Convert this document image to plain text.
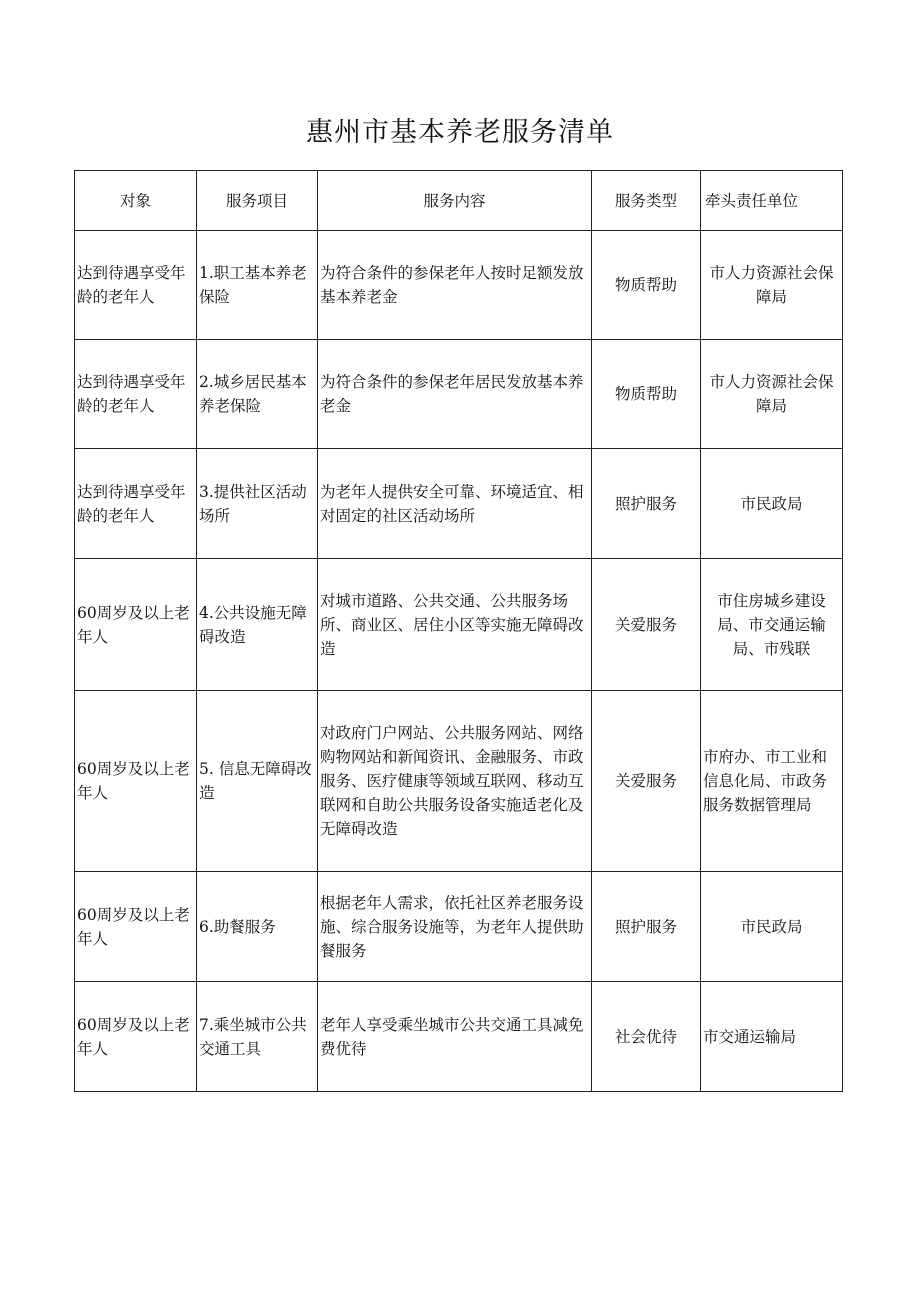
惠州市基本养老服务清单
对象	服务项目	服务内容	服务类型	牵头责任单位
达到待遇享受年龄的老年人	1.职工基本养老保险	为符合条件的参保老年人按时足额发放基本养老金	物质帮助	市人力资源社会保障局
达到待遇享受年龄的老年人	2.城乡居民基本养老保险	为符合条件的参保老年居民发放基本养老金	物质帮助	市人力资源社会保障局
达到待遇享受年龄的老年人	3.提供社区活动场所	为老年人提供安全可靠、环境适宜、相对固定的社区活动场所	照护服务	市民政局
60周岁及以上老年人	4.公共设施无障碍改造	对城市道路、公共交通、公共服务场所、商业区、居住小区等实施无障碍改造	关爱服务	市住房城乡建设局、市交通运输局、市残联
60周岁及以上老年人	5. 信息无障碍改造	对政府门户网站、公共服务网站、网络购物网站和新闻资讯、金融服务、市政服务、医疗健康等领域互联网、移动互联网和自助公共服务设备实施适老化及无障碍改造	关爱服务	市府办、市工业和信息化局、市政务服务数据管理局
60周岁及以上老年人	6.助餐服务	根据老年人需求，依托社区养老服务设施、综合服务设施等，为老年人提供助餐服务	照护服务	市民政局
60周岁及以上老年人	7.乘坐城市公共交通工具	老年人享受乘坐城市公共交通工具减免费优待	社会优待	市交通运输局
